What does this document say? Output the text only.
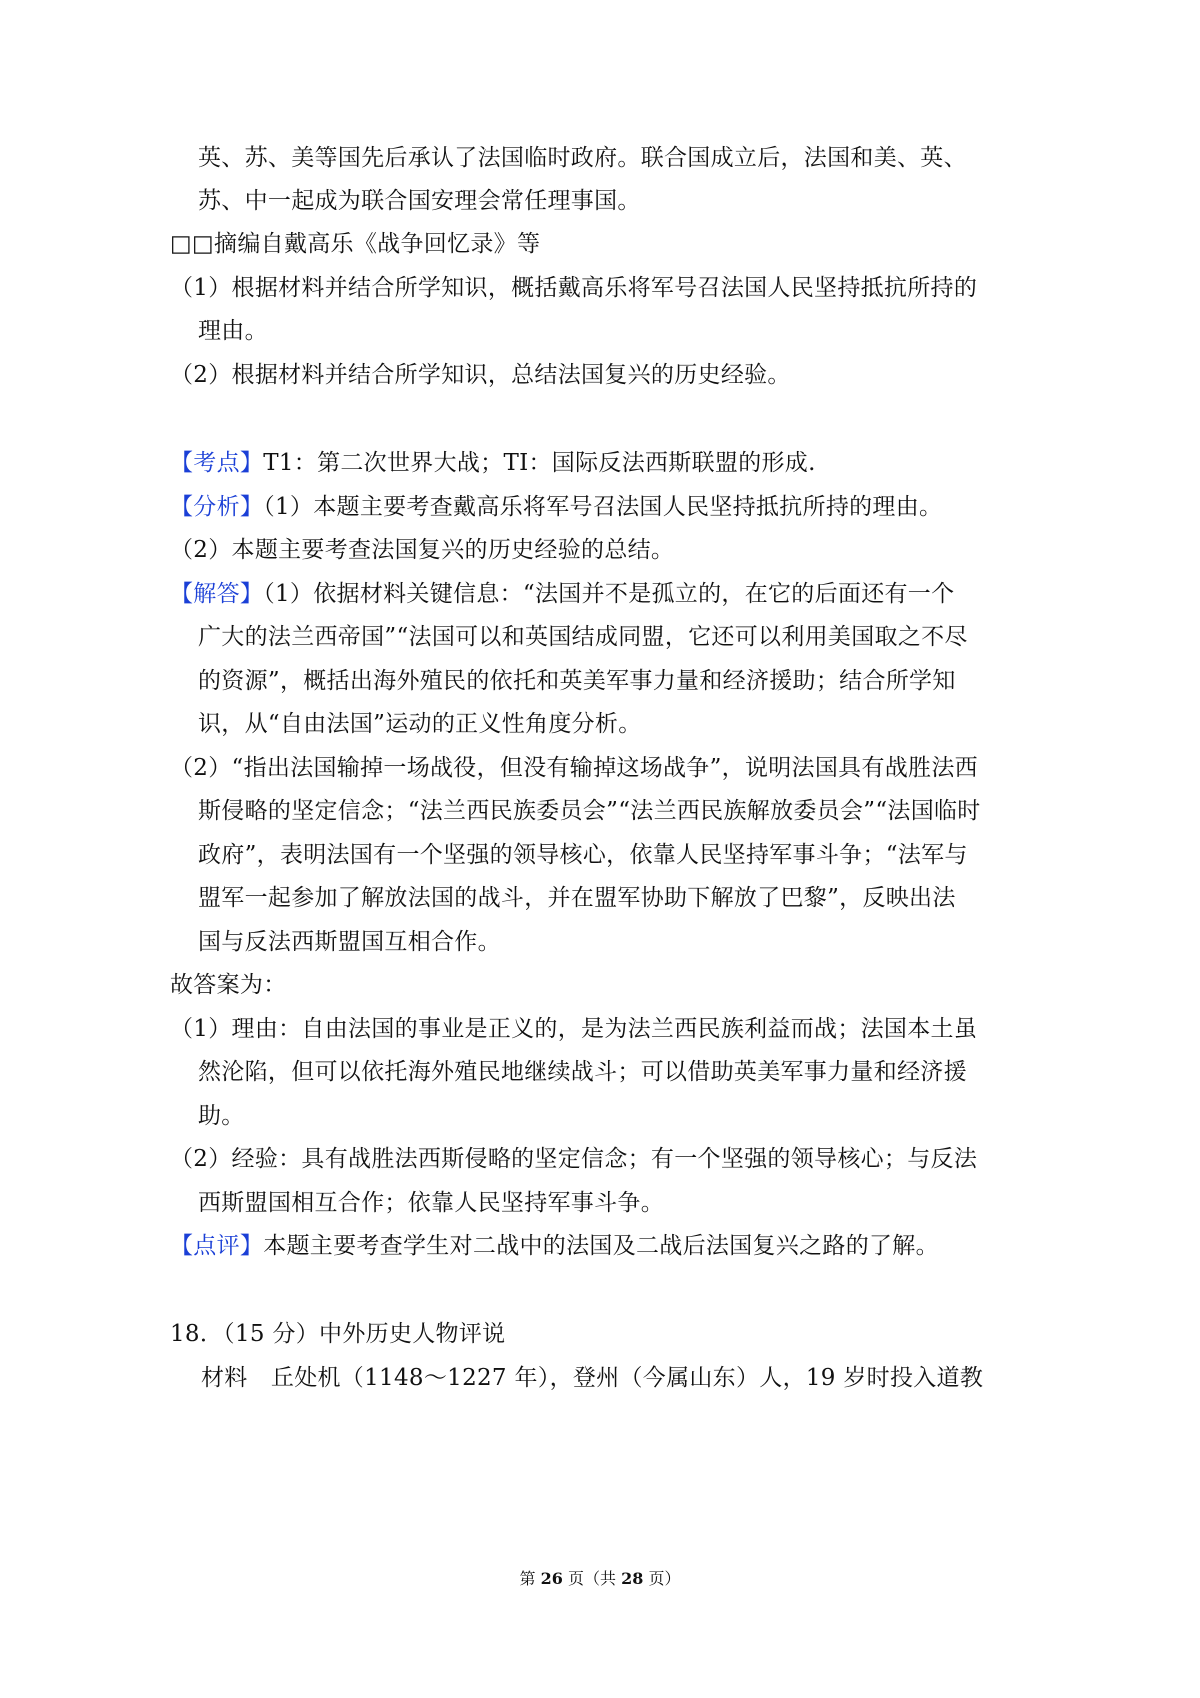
英、苏、美等国先后承认了法国临时政府。联合国成立后，法国和美、英、
苏、中一起成为联合国安理会常任理事国。
□□摘编自戴高乐《战争回忆录》等
（1）根据材料并结合所学知识，概括戴高乐将军号召法国人民坚持抵抗所持的
理由。
（2）根据材料并结合所学知识，总结法国复兴的历史经验。
【考点】T1：第二次世界大战；TI：国际反法西斯联盟的形成.
【分析】（1）本题主要考查戴高乐将军号召法国人民坚持抵抗所持的理由。
（2）本题主要考查法国复兴的历史经验的总结。
【解答】（1）依据材料关键信息：“法国并不是孤立的，在它的后面还有一个
广大的法兰西帝国”“法国可以和英国结成同盟，它还可以利用美国取之不尽
的资源”，概括出海外殖民的依托和英美军事力量和经济援助；结合所学知
识，从“自由法国”运动的正义性角度分析。
（2）“指出法国输掉一场战役，但没有输掉这场战争”，说明法国具有战胜法西
斯侵略的坚定信念；“法兰西民族委员会”“法兰西民族解放委员会”“法国临时
政府”，表明法国有一个坚强的领导核心，依靠人民坚持军事斗争；“法军与
盟军一起参加了解放法国的战斗，并在盟军协助下解放了巴黎”，反映出法
国与反法西斯盟国互相合作。
故答案为：
（1）理由：自由法国的事业是正义的，是为法兰西民族利益而战；法国本土虽
然沦陷，但可以依托海外殖民地继续战斗；可以借助英美军事力量和经济援
助。
（2）经验：具有战胜法西斯侵略的坚定信念；有一个坚强的领导核心；与反法
西斯盟国相互合作；依靠人民坚持军事斗争。
【点评】本题主要考查学生对二战中的法国及二战后法国复兴之路的了解。
18．（15 分）中外历史人物评说
材料　丘处机（1148～1227 年），登州（今属山东）人，19 岁时投入道教
第 26 页（共 28 页）
